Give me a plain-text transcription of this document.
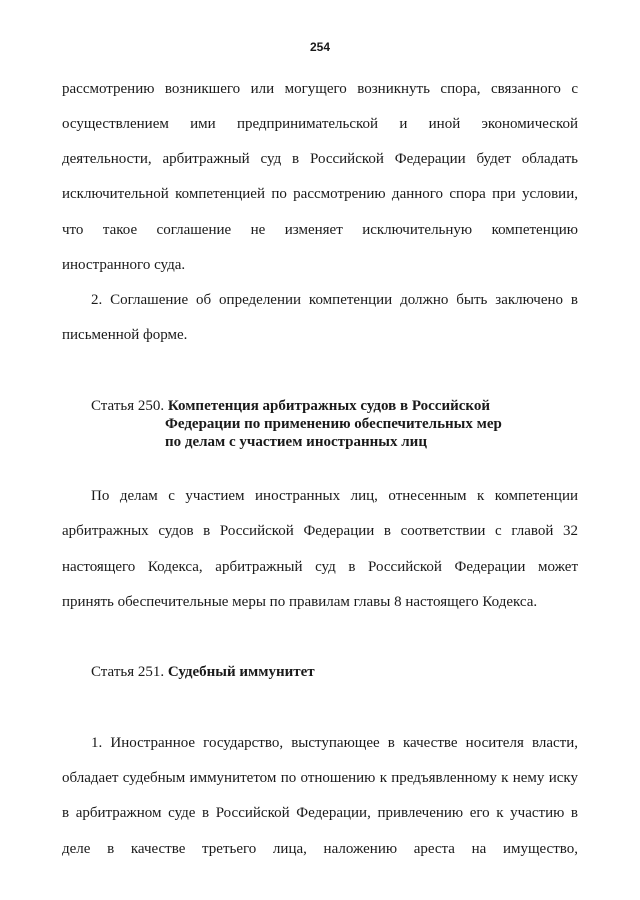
254
рассмотрению возникшего или могущего возникнуть спора, связанного с
осуществлением ими предпринимательской и иной экономической
деятельности, арбитражный суд в Российской Федерации будет обладать
исключительной компетенцией по рассмотрению данного спора при условии,
что такое соглашение не изменяет исключительную компетенцию
иностранного суда.
2. Соглашение об определении компетенции должно быть заключено в
письменной форме.
Статья 250. Компетенция арбитражных судов в Российской
Федерации по применению обеспечительных мер
по делам с участием иностранных лиц
По делам с участием иностранных лиц, отнесенным к компетенции
арбитражных судов в Российской Федерации в соответствии с главой 32
настоящего Кодекса, арбитражный суд в Российской Федерации может
принять обеспечительные меры по правилам главы 8 настоящего Кодекса.
Статья 251. Судебный иммунитет
1. Иностранное государство, выступающее в качестве носителя власти,
обладает судебным иммунитетом по отношению к предъявленному к нему иску
в арбитражном суде в Российской Федерации, привлечению его к участию в
деле в качестве третьего лица, наложению ареста на имущество,
